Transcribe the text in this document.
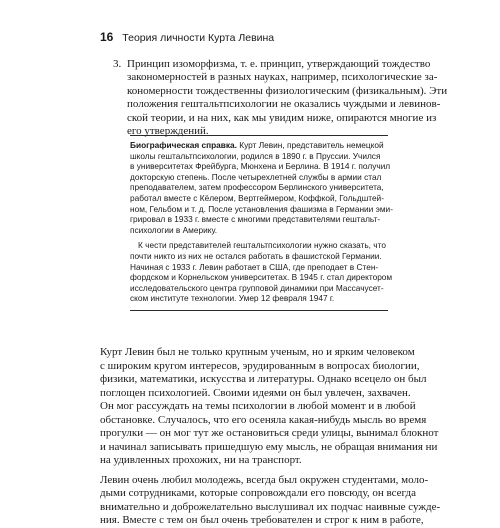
16 Теория личности Курта Левина
3. Принцип изоморфизма, т. е. принцип, утверждающий тождество
закономерностей в разных науках, например, психологические за-
кономерности тождественны физиологическим (физикальным). Эти
положения гештальтпсихологии не оказались чуждыми и левинов-
ской теории, и на них, как мы увидим ниже, опираются многие из
его утверждений.
Биографическая справка. Курт Левин, представитель немецкой
школы гештальтпсихологии, родился в 1890 г. в Пруссии. Учился
в университетах Фрейбурга, Мюнхена и Берлина. В 1914 г. получил
докторскую степень. После четырехлетней службы в армии стал
преподавателем, затем профессором Берлинского университета,
работал вместе с Кёлером, Вертгеймером, Коффкой, Гольдштей-
ном, Гельбом и т. д. После установления фашизма в Германии эми-
грировал в 1933 г. вместе с многими представителями гештальт-
психологии в Америку.
К чести представителей гештальтпсихологии нужно сказать, что
почти никто из них не остался работать в фашистской Германии.
Начиная с 1933 г. Левин работает в США, где преподает в Стен-
фордском и Корнельском университетах. В 1945 г. стал директором
исследовательского центра групповой динамики при Массачусет-
ском институте технологии. Умер 12 февраля 1947 г.
Курт Левин был не только крупным ученым, но и ярким человеком
с широким кругом интересов, эрудированным в вопросах биологии,
физики, математики, искусства и литературы. Однако всецело он был
поглощен психологией. Своими идеями он был увлечен, захвачен.
Он мог рассуждать на темы психологии в любой момент и в любой
обстановке. Случалось, что его осеняла какая-нибудь мысль во время
прогулки — он мог тут же остановиться среди улицы, вынимал блокнот
и начинал записывать пришедшую ему мысль, не обращая внимания ни
на удивленных прохожих, ни на транспорт.
Левин очень любил молодежь, всегда был окружен студентами, моло-
дыми сотрудниками, которые сопровождали его повсюду, он всегда
внимательно и доброжелательно выслушивал их подчас наивные сужде-
ния. Вместе с тем он был очень требователен и строг к ним в работе,
